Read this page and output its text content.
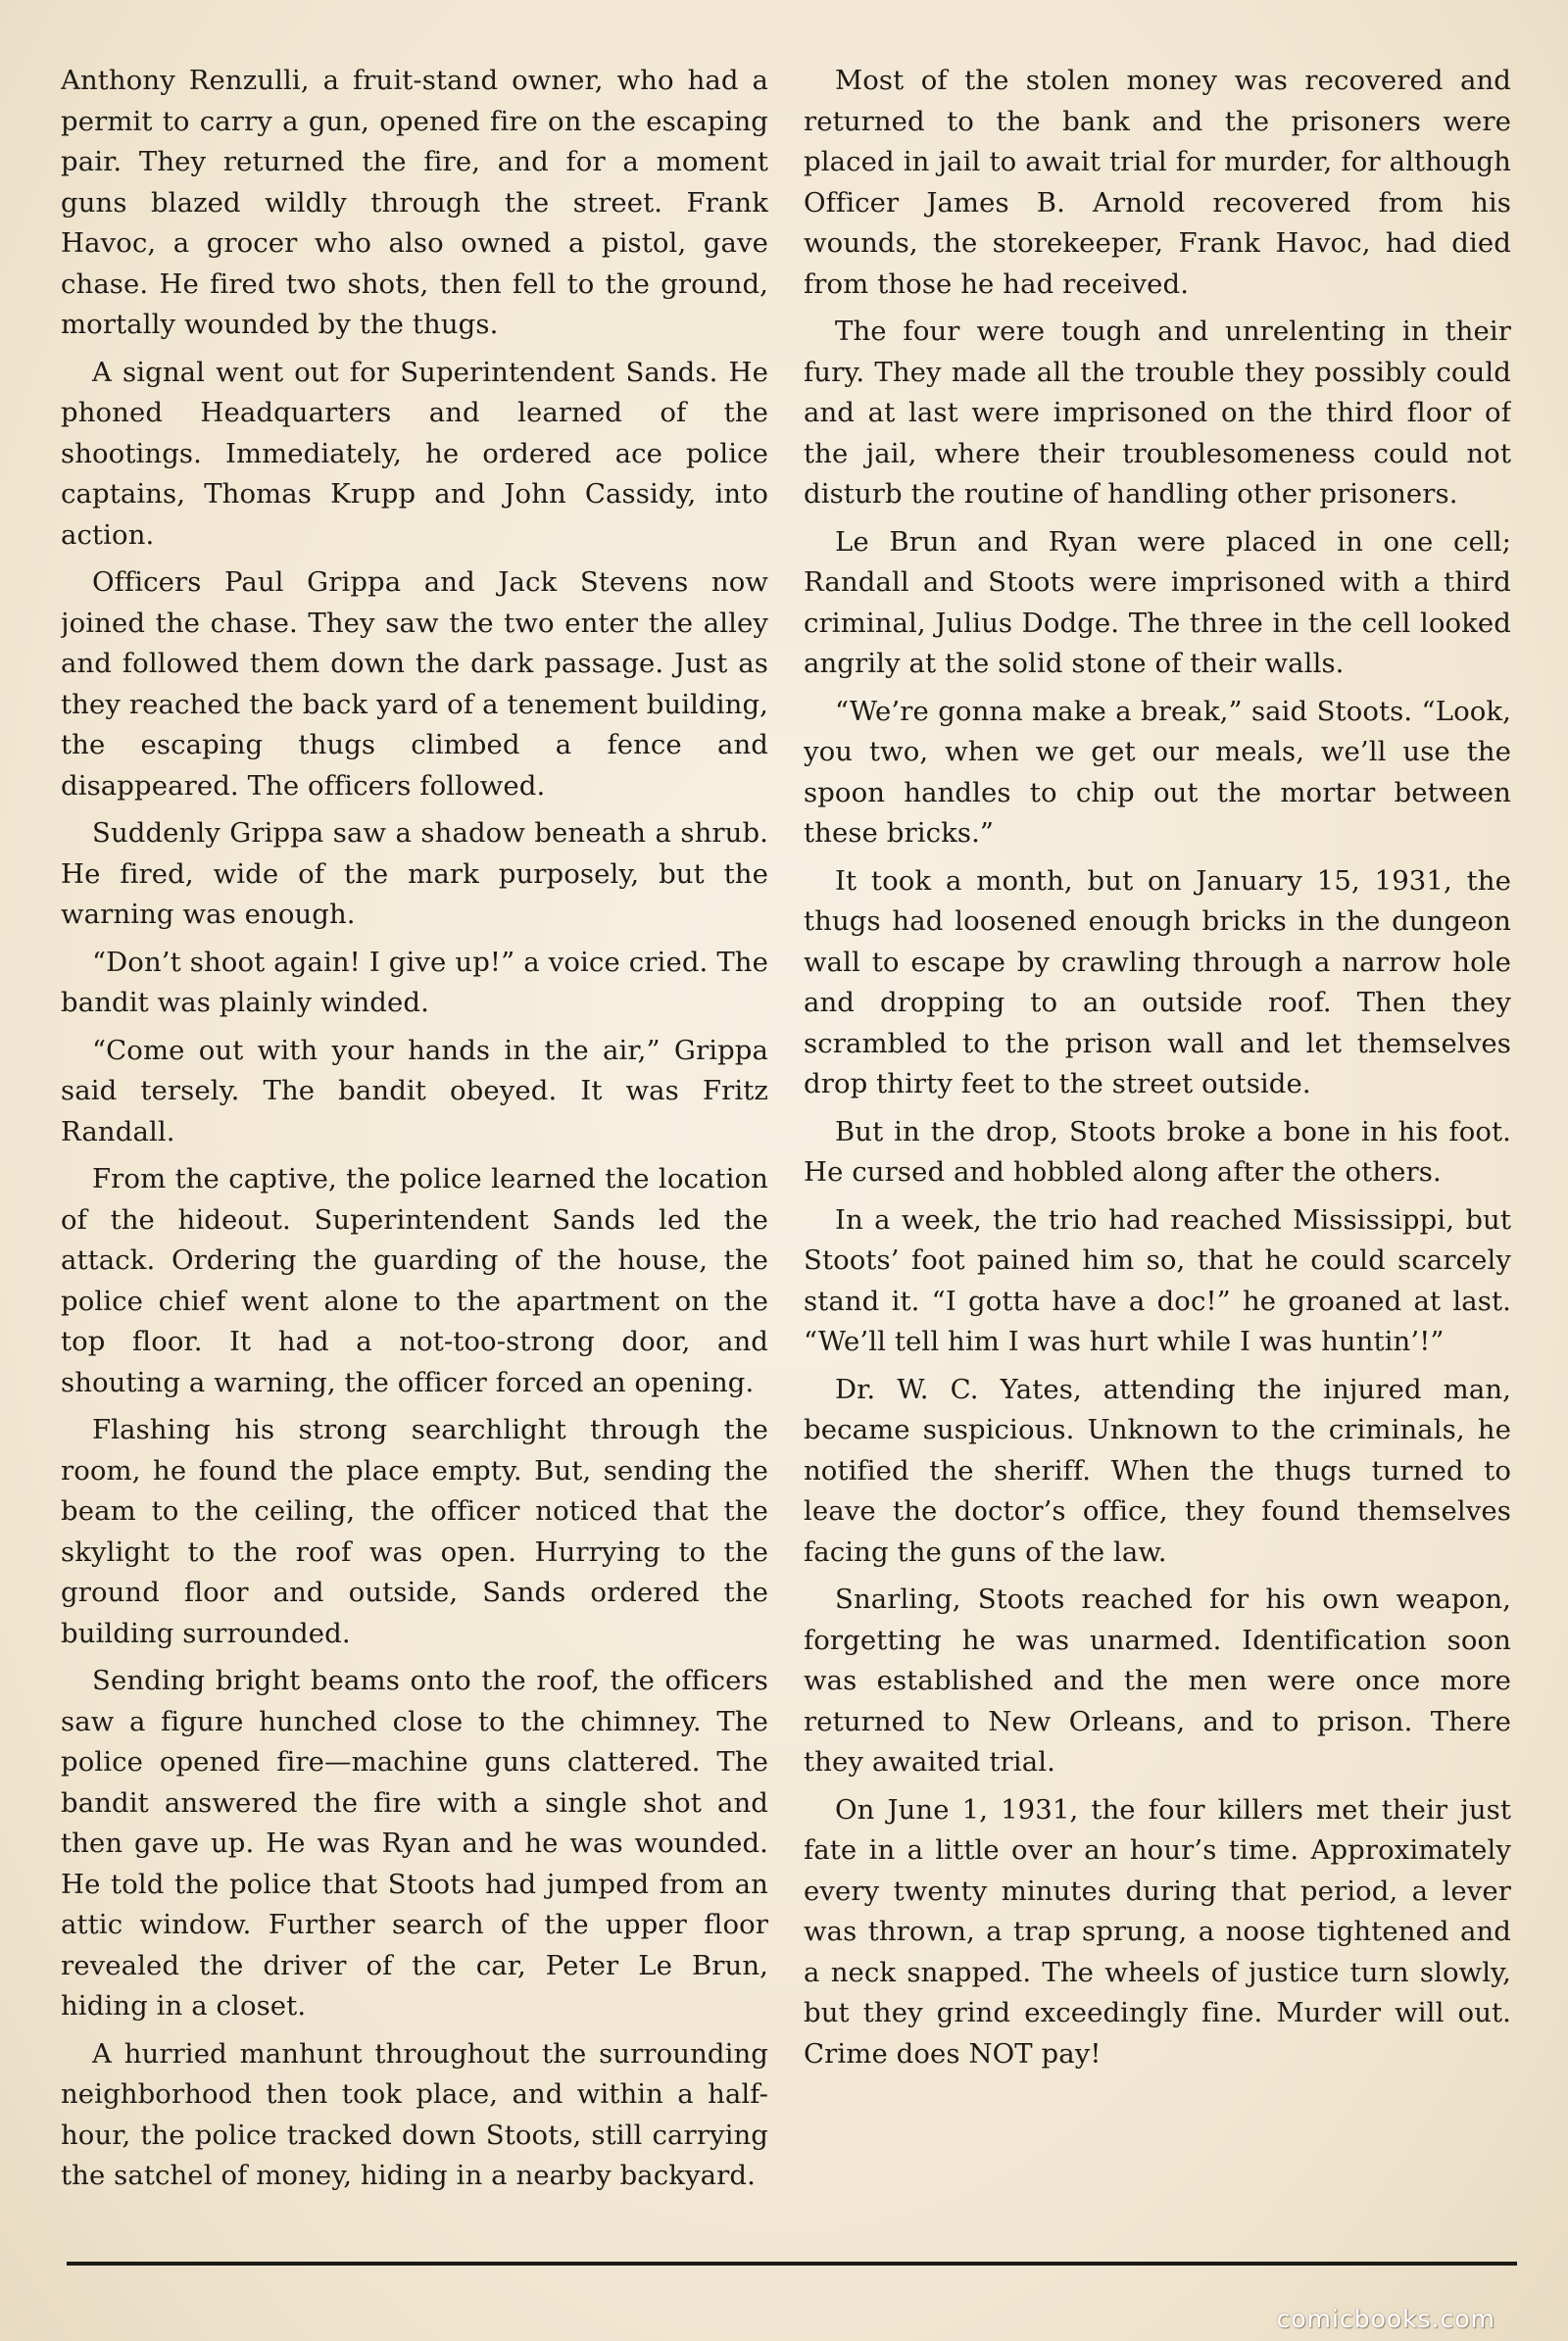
Anthony Renzulli, a fruit-stand owner, who had a permit to carry a gun, opened fire on the escaping pair. They returned the fire, and for a moment guns blazed wildly through the street. Frank Havoc, a grocer who also owned a pistol, gave chase. He fired two shots, then fell to the ground, mortally wounded by the thugs.

A signal went out for Superintendent Sands. He phoned Headquarters and learned of the shootings. Immediately, he ordered ace police captains, Thomas Krupp and John Cassidy, into action.

Officers Paul Grippa and Jack Stevens now joined the chase. They saw the two enter the alley and followed them down the dark passage. Just as they reached the back yard of a tenement building, the escaping thugs climbed a fence and disappeared. The officers followed.

Suddenly Grippa saw a shadow beneath a shrub. He fired, wide of the mark purposely, but the warning was enough.

“Don’t shoot again! I give up!” a voice cried. The bandit was plainly winded.

“Come out with your hands in the air,” Grippa said tersely. The bandit obeyed. It was Fritz Randall.

From the captive, the police learned the location of the hideout. Superintendent Sands led the attack. Ordering the guarding of the house, the police chief went alone to the apartment on the top floor. It had a not-too-strong door, and shouting a warning, the officer forced an opening.

Flashing his strong searchlight through the room, he found the place empty. But, sending the beam to the ceiling, the officer noticed that the skylight to the roof was open. Hurrying to the ground floor and outside, Sands ordered the building surrounded.

Sending bright beams onto the roof, the officers saw a figure hunched close to the chimney. The police opened fire—machine guns clattered. The bandit answered the fire with a single shot and then gave up. He was Ryan and he was wounded. He told the police that Stoots had jumped from an attic window. Further search of the upper floor revealed the driver of the car, Peter Le Brun, hiding in a closet.

A hurried manhunt throughout the surrounding neighborhood then took place, and within a half-hour, the police tracked down Stoots, still carrying the satchel of money, hiding in a nearby backyard.

Most of the stolen money was recovered and returned to the bank and the prisoners were placed in jail to await trial for murder, for although Officer James B. Arnold recovered from his wounds, the storekeeper, Frank Havoc, had died from those he had received.

The four were tough and unrelenting in their fury. They made all the trouble they possibly could and at last were imprisoned on the third floor of the jail, where their troublesomeness could not disturb the routine of handling other prisoners.

Le Brun and Ryan were placed in one cell; Randall and Stoots were imprisoned with a third criminal, Julius Dodge. The three in the cell looked angrily at the solid stone of their walls.

“We’re gonna make a break,” said Stoots. “Look, you two, when we get our meals, we’ll use the spoon handles to chip out the mortar between these bricks.”

It took a month, but on January 15, 1931, the thugs had loosened enough bricks in the dungeon wall to escape by crawling through a narrow hole and dropping to an outside roof. Then they scrambled to the prison wall and let themselves drop thirty feet to the street outside.

But in the drop, Stoots broke a bone in his foot. He cursed and hobbled along after the others.

In a week, the trio had reached Mississippi, but Stoots’ foot pained him so, that he could scarcely stand it. “I gotta have a doc!” he groaned at last. “We’ll tell him I was hurt while I was huntin’!”

Dr. W. C. Yates, attending the injured man, became suspicious. Unknown to the criminals, he notified the sheriff. When the thugs turned to leave the doctor’s office, they found themselves facing the guns of the law.

Snarling, Stoots reached for his own weapon, forgetting he was unarmed. Identification soon was established and the men were once more returned to New Orleans, and to prison. There they awaited trial.

On June 1, 1931, the four killers met their just fate in a little over an hour’s time. Approximately every twenty minutes during that period, a lever was thrown, a trap sprung, a noose tightened and a neck snapped. The wheels of justice turn slowly, but they grind exceedingly fine. Murder will out. Crime does NOT pay!

comicbooks.com
